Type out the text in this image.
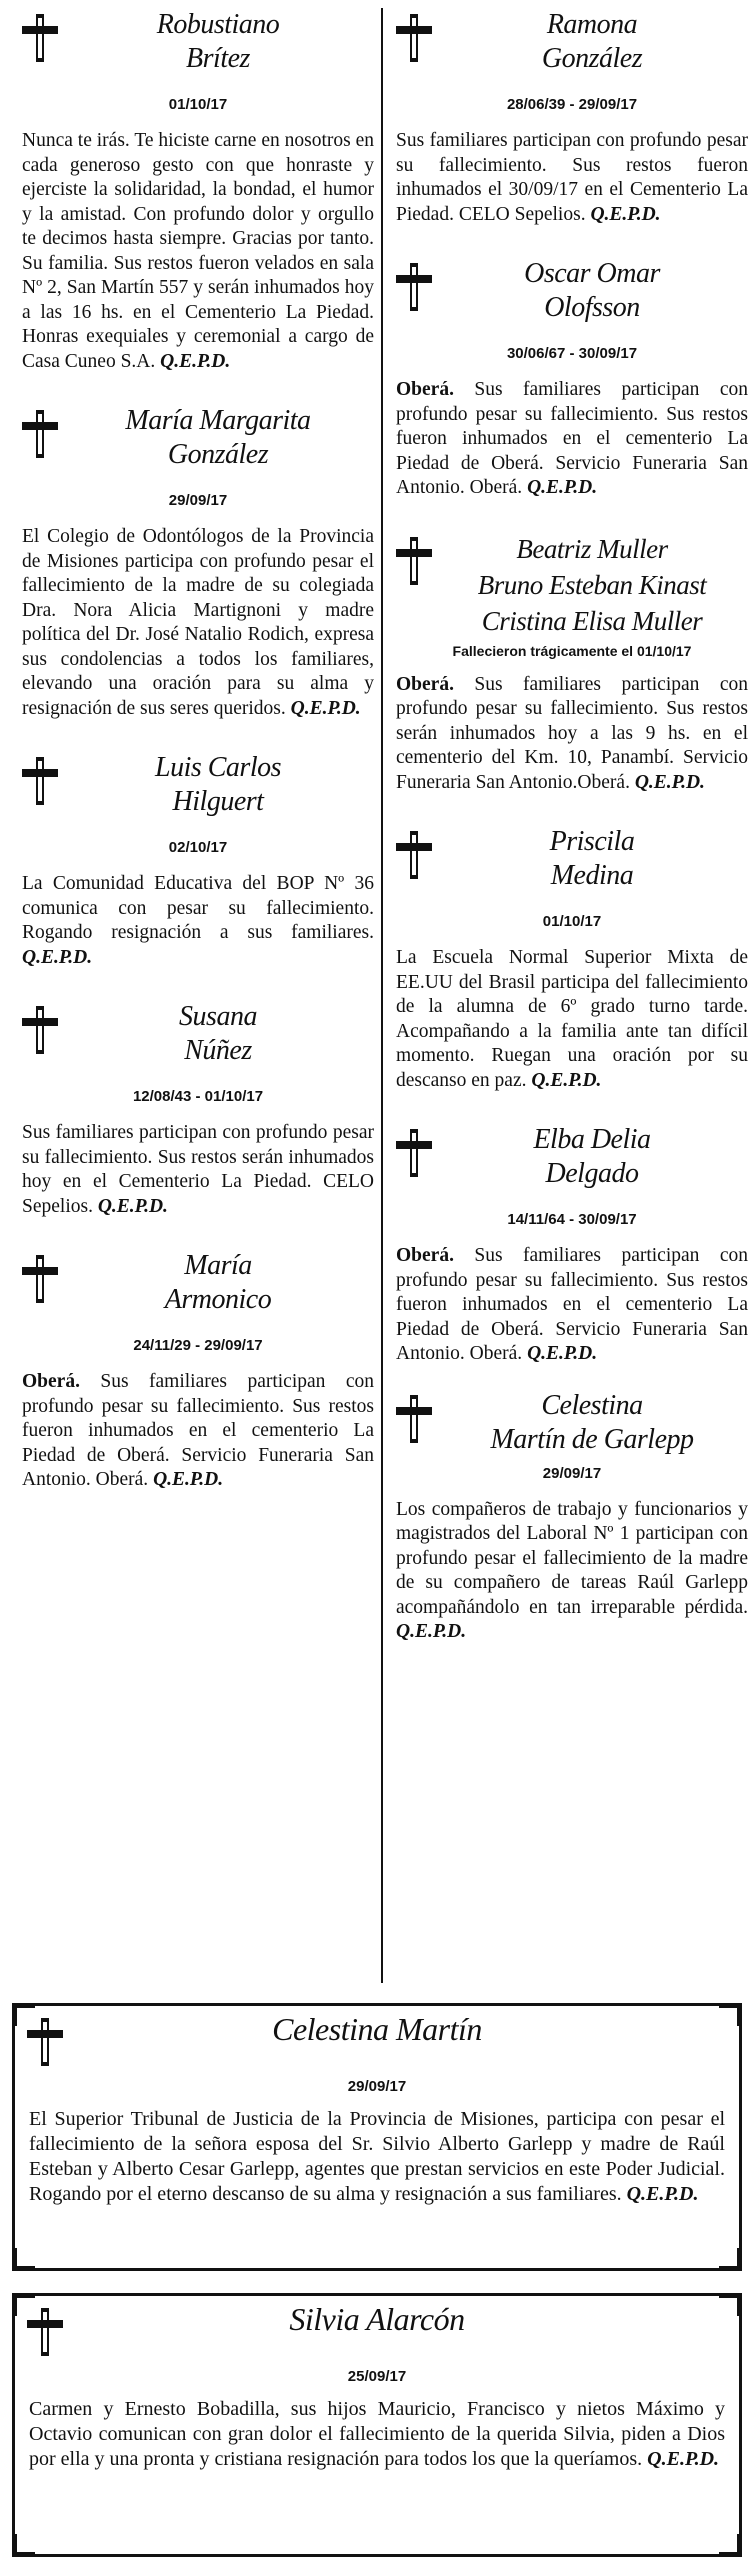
Robustiano
Brítez

01/10/17

Nunca te irás. Te hiciste carne en nosotros en cada generoso gesto con que honraste y ejerciste la solidaridad, la bondad, el humor y la amistad. Con profundo dolor y orgullo te decimos hasta siempre. Gracias por tanto. Su familia. Sus restos fueron velados en sala Nº 2, San Martín 557 y serán inhumados hoy a las 16 hs. en el Cementerio La Piedad. Honras exequiales y ceremonial a cargo de Casa Cuneo S.A. Q.E.P.D.

María Margarita
González

29/09/17

El Colegio de Odontólogos de la Provincia de Misiones participa con profundo pesar el fallecimiento de la madre de su colegiada Dra. Nora Alicia Martignoni y madre política del Dr. José Natalio Rodich, expresa sus condolencias a todos los familiares, elevando una oración para su alma y resignación de sus seres queridos. Q.E.P.D.

Luis Carlos
Hilguert

02/10/17

La Comunidad Educativa del BOP Nº 36 comunica con pesar su fallecimiento. Rogando resignación a sus familiares. Q.E.P.D.

Susana
Núñez

12/08/43 - 01/10/17

Sus familiares participan con profundo pesar su fallecimiento. Sus restos serán inhumados hoy en el Cementerio La Piedad. CELO Sepelios. Q.E.P.D.

María
Armonico

24/11/29 - 29/09/17

Oberá. Sus familiares participan con profundo pesar su fallecimiento. Sus restos fueron inhumados en el cementerio La Piedad de Oberá. Servicio Funeraria San Antonio. Oberá. Q.E.P.D.

Ramona
González

28/06/39 - 29/09/17

Sus familiares participan con profundo pesar su fallecimiento. Sus restos fueron inhumados el 30/09/17 en el Cementerio La Piedad. CELO Sepelios. Q.E.P.D.

Oscar Omar
Olofsson

30/06/67 - 30/09/17

Oberá. Sus familiares participan con profundo pesar su fallecimiento. Sus restos fueron inhumados en el cementerio La Piedad de Oberá. Servicio Funeraria San Antonio. Oberá. Q.E.P.D.

Beatriz Muller
Bruno Esteban Kinast
Cristina Elisa Muller

Fallecieron trágicamente el 01/10/17

Oberá. Sus familiares participan con profundo pesar su fallecimiento. Sus restos serán inhumados hoy a las 9 hs. en el cementerio del Km. 10, Panambí. Servicio Funeraria San Antonio.Oberá. Q.E.P.D.

Priscila
Medina

01/10/17

La Escuela Normal Superior Mixta de EE.UU del Brasil participa del fallecimiento de la alumna de 6º grado turno tarde. Acompañando a la familia ante tan difícil momento. Ruegan una oración por su descanso en paz. Q.E.P.D.

Elba Delia
Delgado

14/11/64 - 30/09/17

Oberá. Sus familiares participan con profundo pesar su fallecimiento. Sus restos fueron inhumados en el cementerio La Piedad de Oberá. Servicio Funeraria San Antonio. Oberá. Q.E.P.D.

Celestina
Martín de Garlepp

29/09/17

Los compañeros de trabajo y funcionarios y magistrados del Laboral Nº 1 participan con profundo pesar el fallecimiento de la madre de su compañero de tareas Raúl Garlepp acompañándolo en tan irreparable pérdida. Q.E.P.D.

Celestina Martín

29/09/17

El Superior Tribunal de Justicia de la Provincia de Misiones, participa con pesar el fallecimiento de la señora esposa del Sr. Silvio Alberto Garlepp y madre de Raúl Esteban y Alberto Cesar Garlepp, agentes que prestan servicios en este Poder Judicial. Rogando por el eterno descanso de su alma y resignación a sus familiares. Q.E.P.D.

Silvia Alarcón

25/09/17

Carmen y Ernesto Bobadilla, sus hijos Mauricio, Francisco y nietos Máximo y Octavio comunican con gran dolor el fallecimiento de la querida Silvia, piden a Dios por ella y una pronta y cristiana resignación para todos los que la queríamos. Q.E.P.D.
